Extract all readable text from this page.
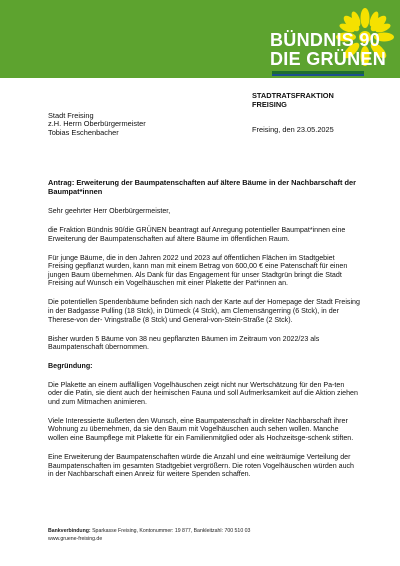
BÜNDNIS 90
DIE GRÜNEN
STADTRATSFRAKTION
FREISING
Stadt Freising
z.H. Herrn Oberbürgermeister
Tobias Eschenbacher	Freising, den 23.05.2025
Antrag: Erweiterung der Baumpatenschaften auf ältere Bäume in der Nachbarschaft der Baumpat*innen

Sehr geehrter Herr Oberbürgermeister,

die Fraktion Bündnis 90/die GRÜNEN beantragt auf Anregung potentieller Baumpat*innen eine Erweiterung der Baumpatenschaften auf ältere Bäume im öffentlichen Raum.

Für junge Bäume, die in den Jahren 2022 und 2023 auf öffentlichen Flächen im Stadtgebiet Freising gepflanzt wurden, kann man mit einem Betrag von 600,00 € eine Patenschaft für einen jungen Baum übernehmen. Als Dank für das Engagement für unser Stadtgrün bringt die Stadt Freising auf Wunsch ein Vogelhäuschen mit einer Plakette der Pat*innen an.

Die potentiellen Spendenbäume befinden sich nach der Karte auf der Homepage der Stadt Freising in der Badgasse Pulling (18 Stck), in Dürneck (4 Stck), am Clemensängerring (6 Stck), in der Therese-von der- Vringstraße (8 Stck) und General-von-Stein-Straße (2 Stck).

Bisher wurden 5 Bäume von 38 neu gepflanzten Bäumen im Zeitraum von 2022/23 als Baumpatenschaft übernommen.

Begründung:

Die Plakette an einem auffälligen Vogelhäuschen zeigt nicht nur Wertschätzung für den Pa-ten oder die Patin, sie dient auch der heimischen Fauna und soll Aufmerksamkeit auf die Aktion ziehen und zum Mitmachen animieren.

Viele Interessierte äußerten den Wunsch, eine Baumpatenschaft in direkter Nachbarschaft ihrer Wohnung zu übernehmen, da sie den Baum mit Vogelhäuschen auch sehen wollen. Manche wollen eine Baumpflege mit Plakette für ein Familienmitglied oder als Hochzeitsge-schenk stiften.

Eine Erweiterung der Baumpatenschaften würde die Anzahl und eine weiträumige Verteilung der Baumpatenschaften im gesamten Stadtgebiet vergrößern. Die roten Vogelhäuschen würden auch in der Nachbarschaft einen Anreiz für weitere Spenden schaffen.

Bankverbindung: Sparkasse Freising, Kontonummer: 19 877, Bankleitzahl: 700 510 03
www.gruene-freising.de
